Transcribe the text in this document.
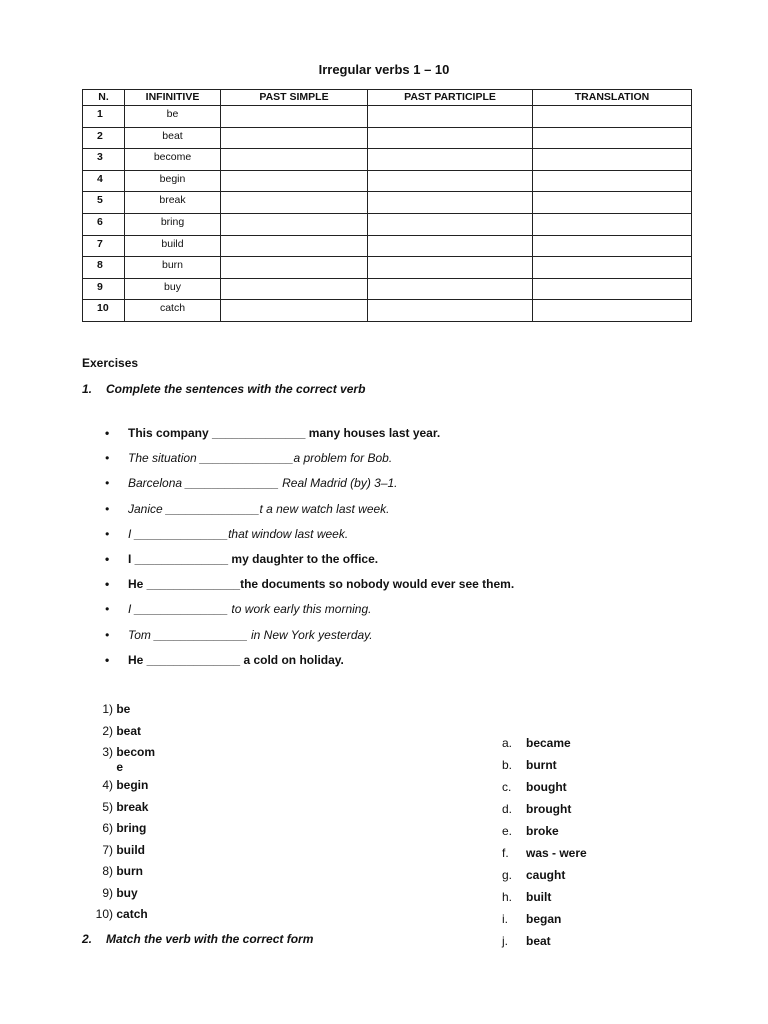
Irregular verbs 1 – 10
N.	INFINITIVE	PAST SIMPLE	PAST PARTICIPLE	TRANSLATION
1	be			
2	beat			
3	become			
4	begin			
5	break			
6	bring			
7	build			
8	burn			
9	buy			
10	catch			
Exercises
1. Complete the sentences with the correct verb
• This company ______________ many houses last year.
• The situation ______________a problem for Bob.
• Barcelona ______________ Real Madrid (by) 3–1.
• Janice ______________t a new watch last week.
• I ______________that window last week.
• I ______________ my daughter to the office.
• He ______________the documents so nobody would ever see them.
• I ______________ to work early this morning.
• Tom ______________ in New York yesterday.
• He ______________ a cold on holiday.
1) be
2) beat
3) become
4) begin
5) break
6) bring
7) build
8) burn
9) buy
10) catch
a. became
b. burnt
c. bought
d. brought
e. broke
f. was - were
g. caught
h. built
i. began
j. beat
2. Match the verb with the correct form
